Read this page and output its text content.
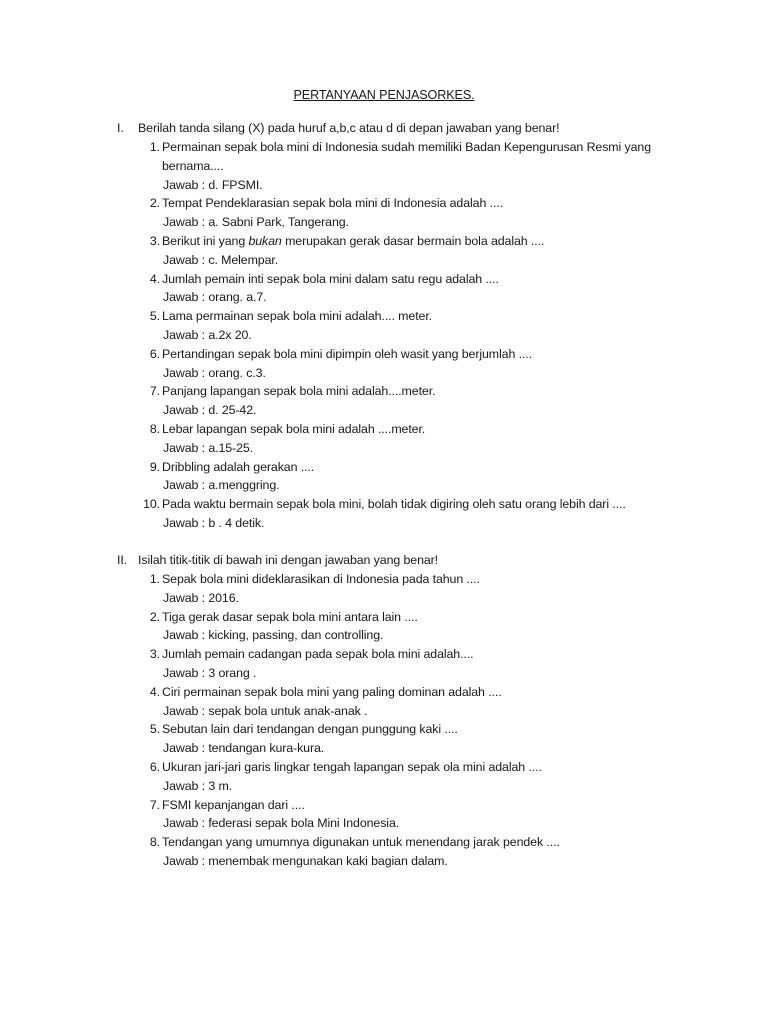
PERTANYAAN PENJASORKES.
I.	Berilah tanda silang (X) pada huruf a,b,c atau d di depan jawaban yang benar!
1. Permainan sepak bola mini di Indonesia sudah memiliki Badan Kepengurusan Resmi yang
bernama....
Jawab : d. FPSMI.
2. Tempat Pendeklarasian sepak bola mini di Indonesia adalah ....
Jawab : a. Sabni Park, Tangerang.
3. Berikut ini yang bukan merupakan gerak dasar bermain bola adalah ....
Jawab : c. Melempar.
4. Jumlah pemain inti sepak bola mini dalam satu regu adalah ....
Jawab : orang. a.7.
5. Lama permainan sepak bola mini adalah.... meter.
Jawab : a.2x 20.
6. Pertandingan sepak bola mini dipimpin oleh wasit yang berjumlah ....
Jawab : orang. c.3.
7. Panjang lapangan sepak bola mini adalah....meter.
Jawab : d. 25-42.
8. Lebar lapangan sepak bola mini adalah ....meter.
Jawab : a.15-25.
9. Dribbling adalah gerakan ....
Jawab : a.menggring.
10. Pada waktu bermain sepak bola mini, bolah tidak digiring oleh satu orang lebih dari ....
Jawab : b . 4 detik.
II. Isilah titik-titik di bawah ini dengan jawaban yang benar!
1. Sepak bola mini dideklarasikan di Indonesia pada tahun ....
Jawab : 2016.
2. Tiga gerak dasar sepak bola mini antara lain ....
Jawab : kicking, passing, dan controlling.
3. Jumlah pemain cadangan pada sepak bola mini adalah....
Jawab : 3 orang .
4. Ciri permainan sepak bola mini yang paling dominan adalah ....
Jawab : sepak bola untuk anak-anak .
5. Sebutan lain dari tendangan dengan punggung kaki ....
Jawab : tendangan kura-kura.
6. Ukuran jari-jari garis lingkar tengah lapangan sepak ola mini adalah ....
Jawab : 3 m.
7. FSMI kepanjangan dari ....
Jawab : federasi sepak bola Mini Indonesia.
8. Tendangan yang umumnya digunakan untuk menendang jarak pendek ....
Jawab : menembak mengunakan kaki bagian dalam.
